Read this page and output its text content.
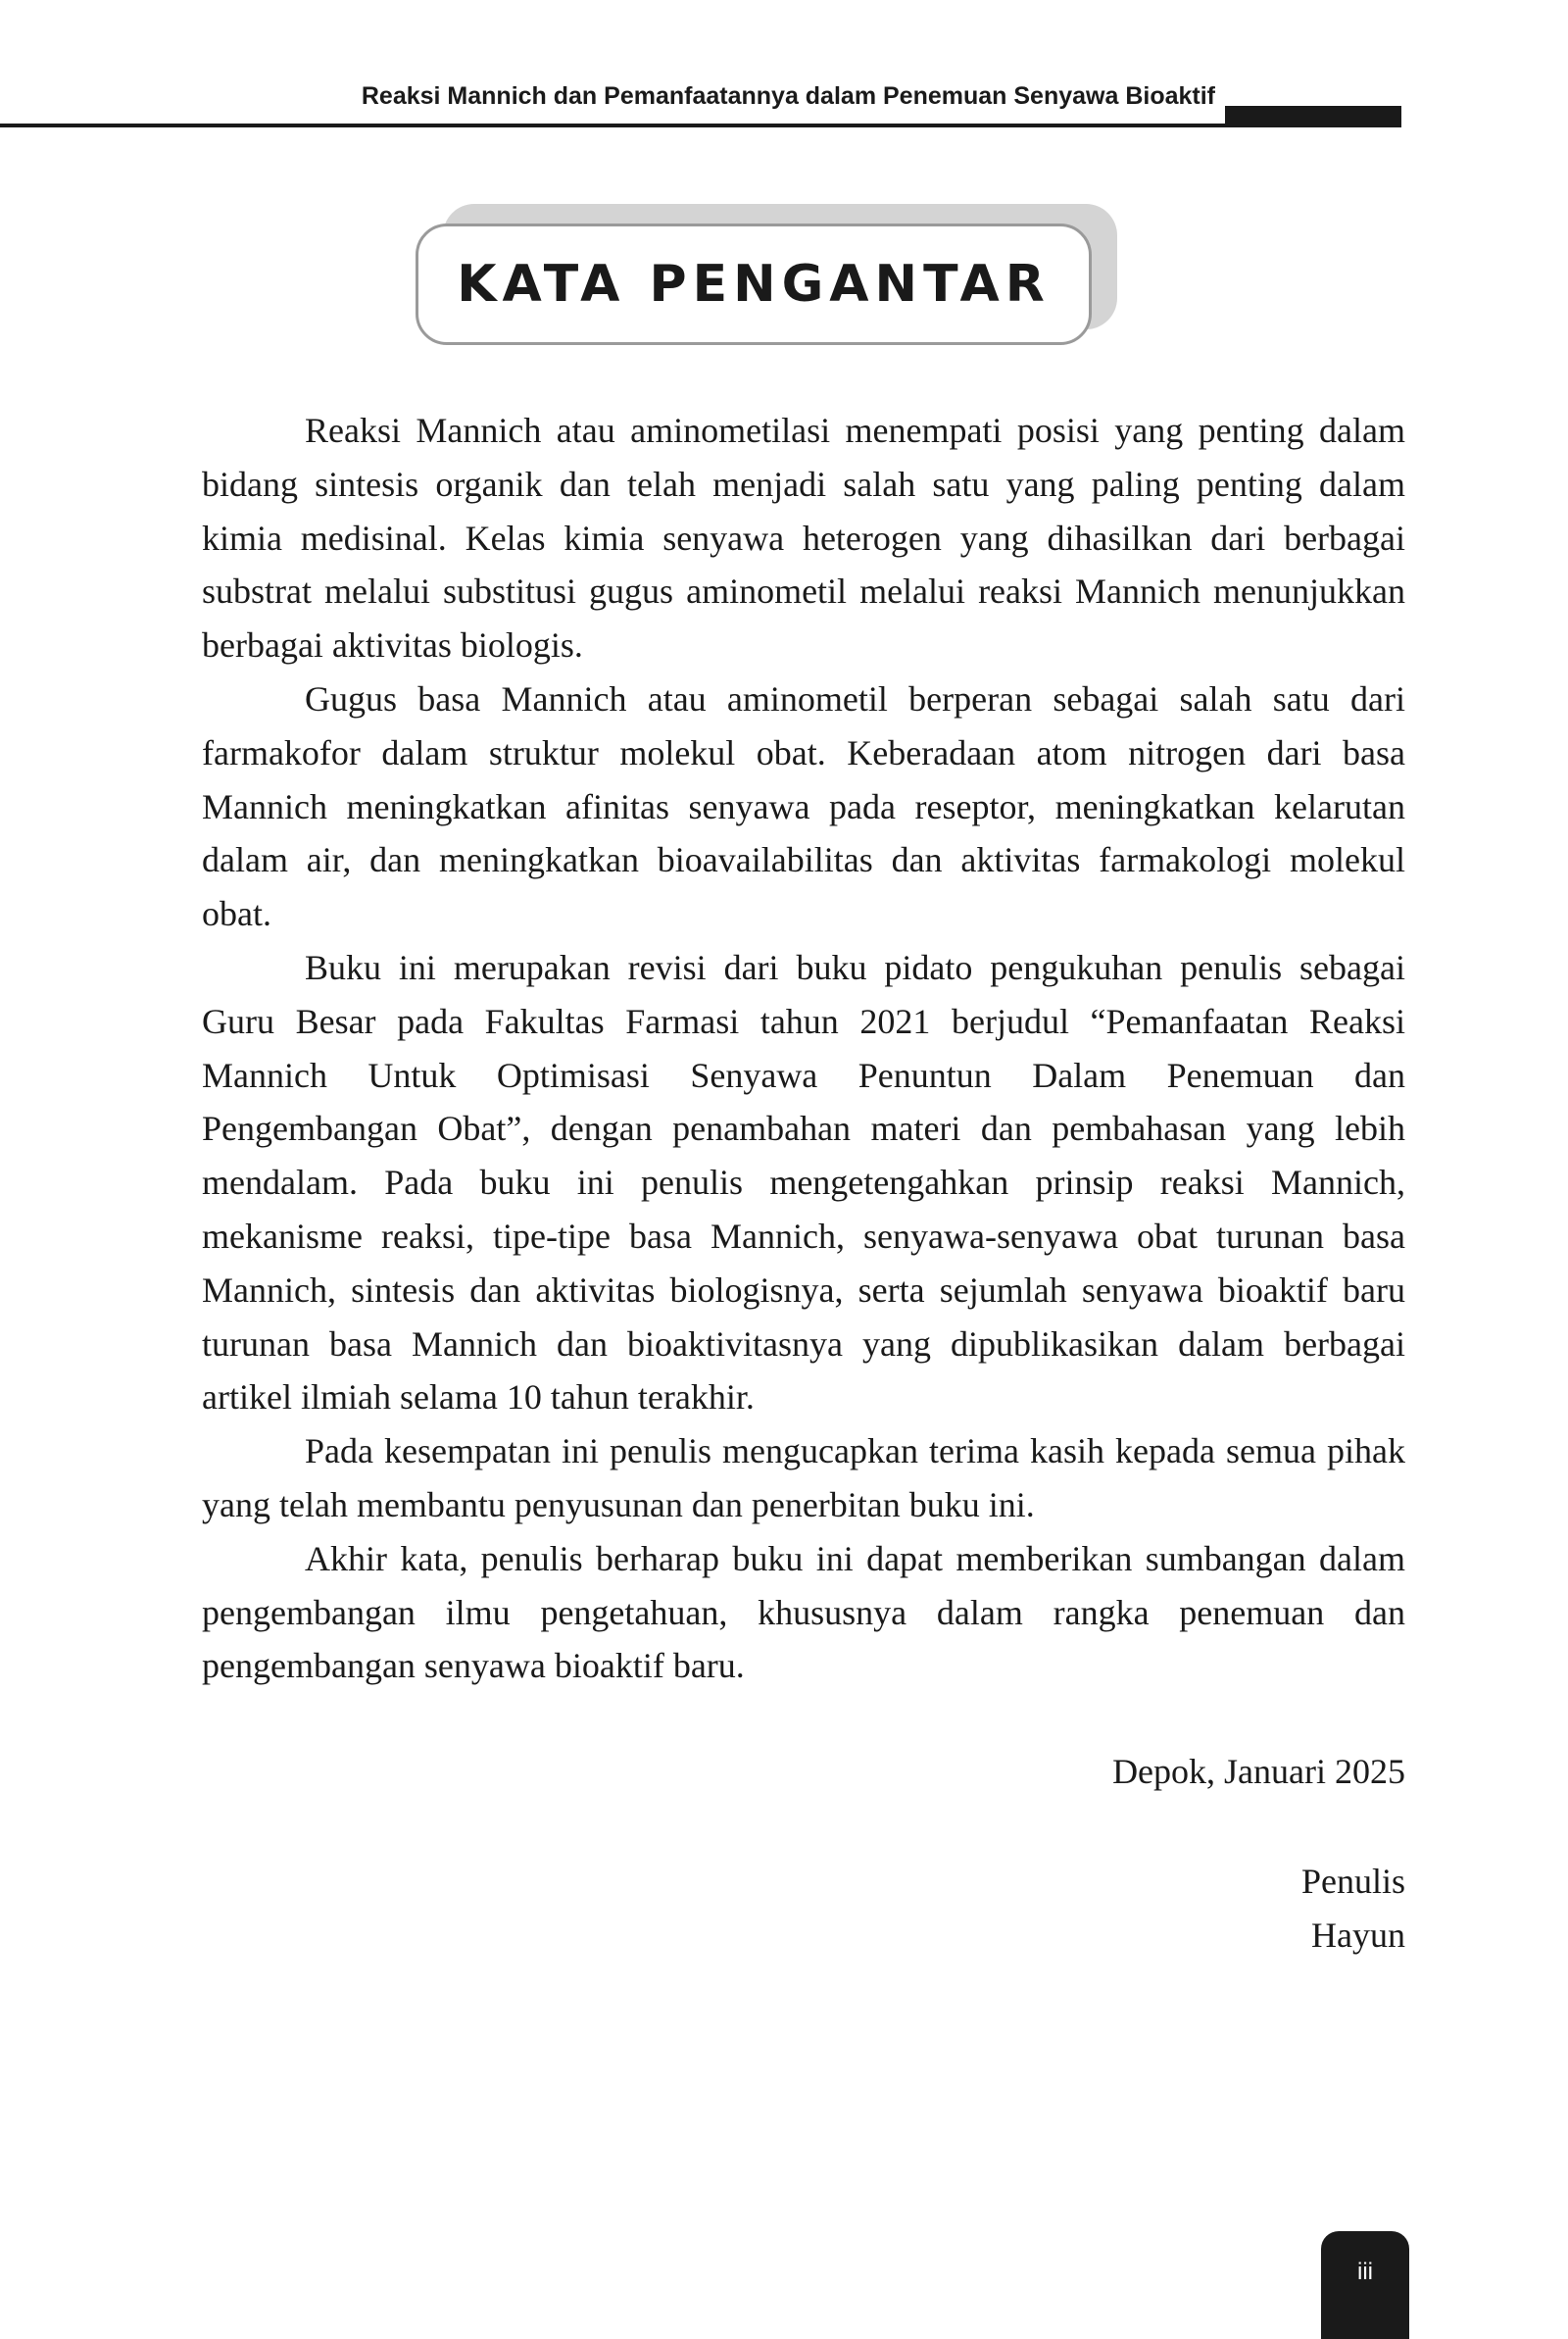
Reaksi Mannich dan Pemanfaatannya dalam Penemuan Senyawa Bioaktif
KATA PENGANTAR

Reaksi Mannich atau aminometilasi menempati posisi yang penting dalam bidang sintesis organik dan telah menjadi salah satu yang paling penting dalam kimia medisinal. Kelas kimia senyawa heterogen yang dihasilkan dari berbagai substrat melalui substitusi gugus aminometil melalui reaksi Mannich menunjukkan berbagai aktivitas biologis.

Gugus basa Mannich atau aminometil berperan sebagai salah satu dari farmakofor dalam struktur molekul obat. Keberadaan atom nitrogen dari basa Mannich meningkatkan afinitas senyawa pada reseptor, meningkatkan kelarutan dalam air, dan meningkatkan bioavailabilitas dan aktivitas farmakologi molekul obat.

Buku ini merupakan revisi dari buku pidato pengukuhan penulis sebagai Guru Besar pada Fakultas Farmasi tahun 2021 berjudul “Pemanfaatan Reaksi Mannich Untuk Optimisasi Senyawa Penuntun Dalam Penemuan dan Pengembangan Obat”, dengan penambahan materi dan pembahasan yang lebih mendalam. Pada buku ini penulis mengetengahkan prinsip reaksi Mannich, mekanisme reaksi, tipe-tipe basa Mannich, senyawa-senyawa obat turunan basa Mannich, sintesis dan aktivitas biologisnya, serta sejumlah senyawa bioaktif baru turunan basa Mannich dan bioaktivitasnya yang dipublikasikan dalam berbagai artikel ilmiah selama 10 tahun terakhir.

Pada kesempatan ini penulis mengucapkan terima kasih kepada semua pihak yang telah membantu penyusunan dan penerbitan buku ini.

Akhir kata, penulis berharap buku ini dapat memberikan sumbangan dalam pengembangan ilmu pengetahuan, khususnya dalam rangka penemuan dan pengembangan senyawa bioaktif baru.

Depok, Januari 2025
Penulis
Hayun
iii
